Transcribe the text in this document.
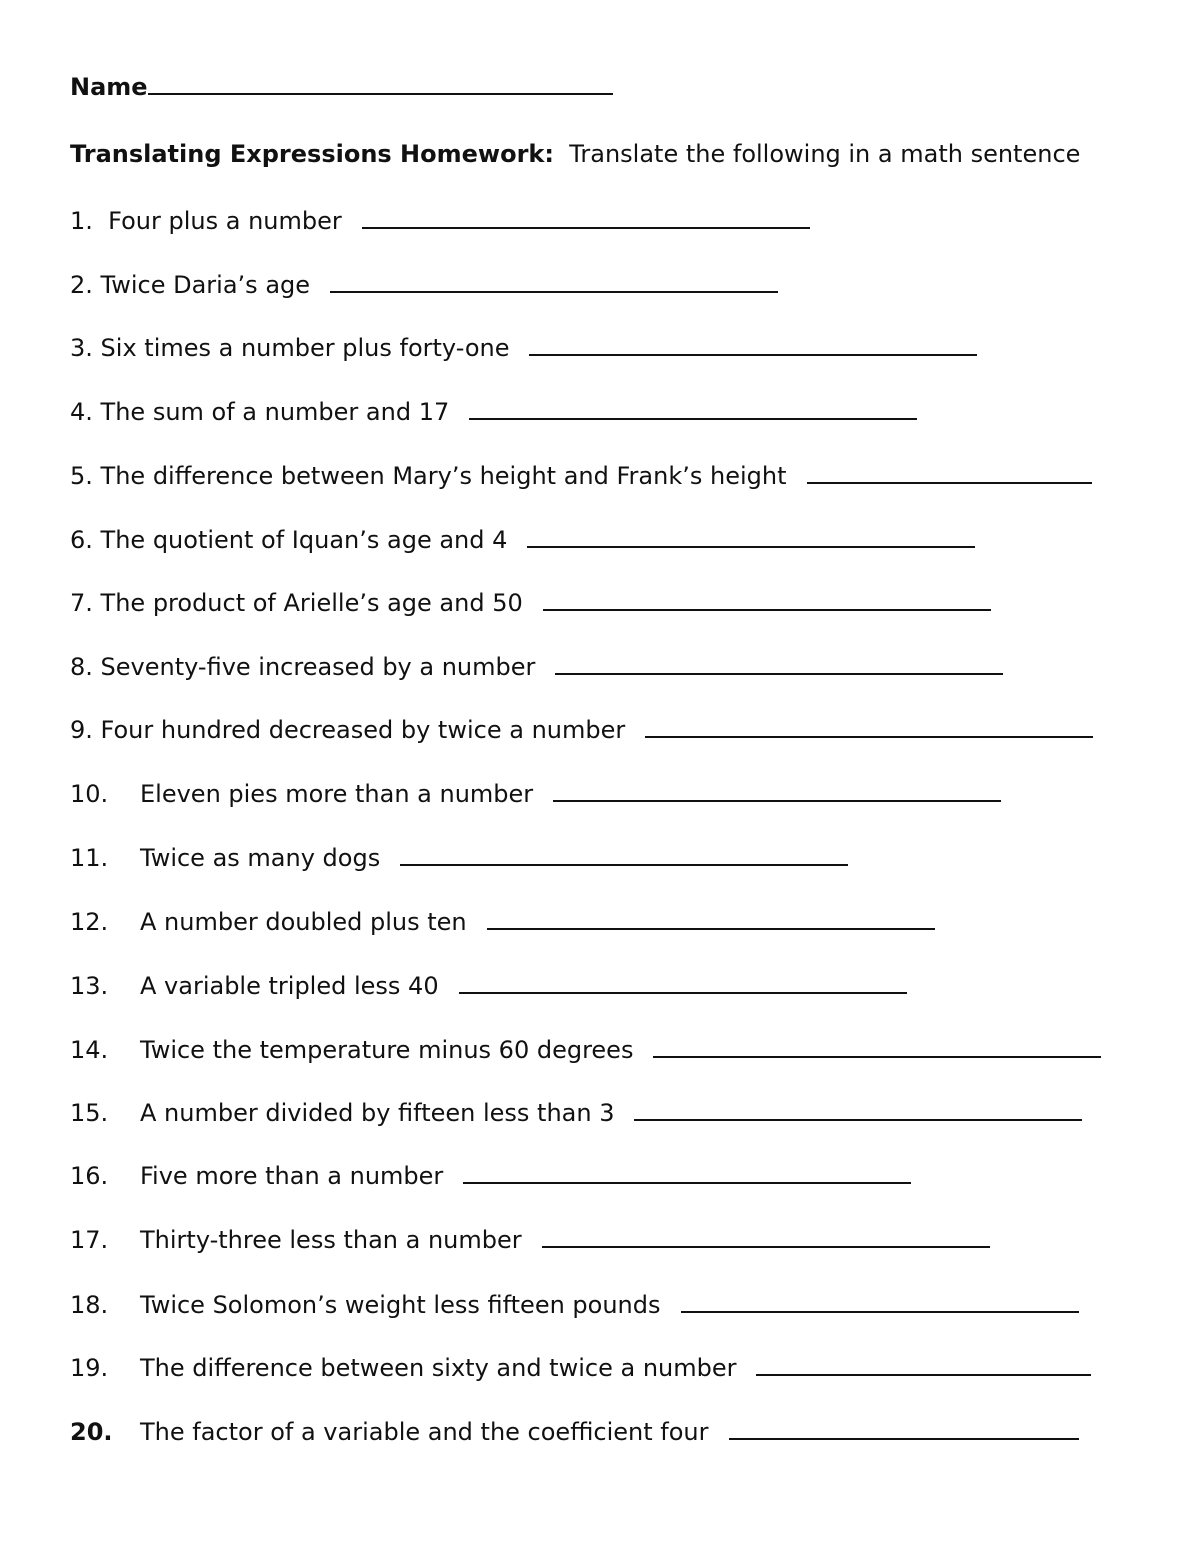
Name
Translating Expressions Homework: Translate the following in a math sentence
1. Four plus a number
2. Twice Daria’s age
3. Six times a number plus forty-one
4. The sum of a number and 17
5. The difference between Mary’s height and Frank’s height
6. The quotient of Iquan’s age and 4
7. The product of Arielle’s age and 50
8. Seventy-five increased by a number
9. Four hundred decreased by twice a number
10. Eleven pies more than a number
11. Twice as many dogs
12. A number doubled plus ten
13. A variable tripled less 40
14. Twice the temperature minus 60 degrees
15. A number divided by fifteen less than 3
16. Five more than a number
17. Thirty-three less than a number
18. Twice Solomon’s weight less fifteen pounds
19. The difference between sixty and twice a number
20. The factor of a variable and the coefficient four
